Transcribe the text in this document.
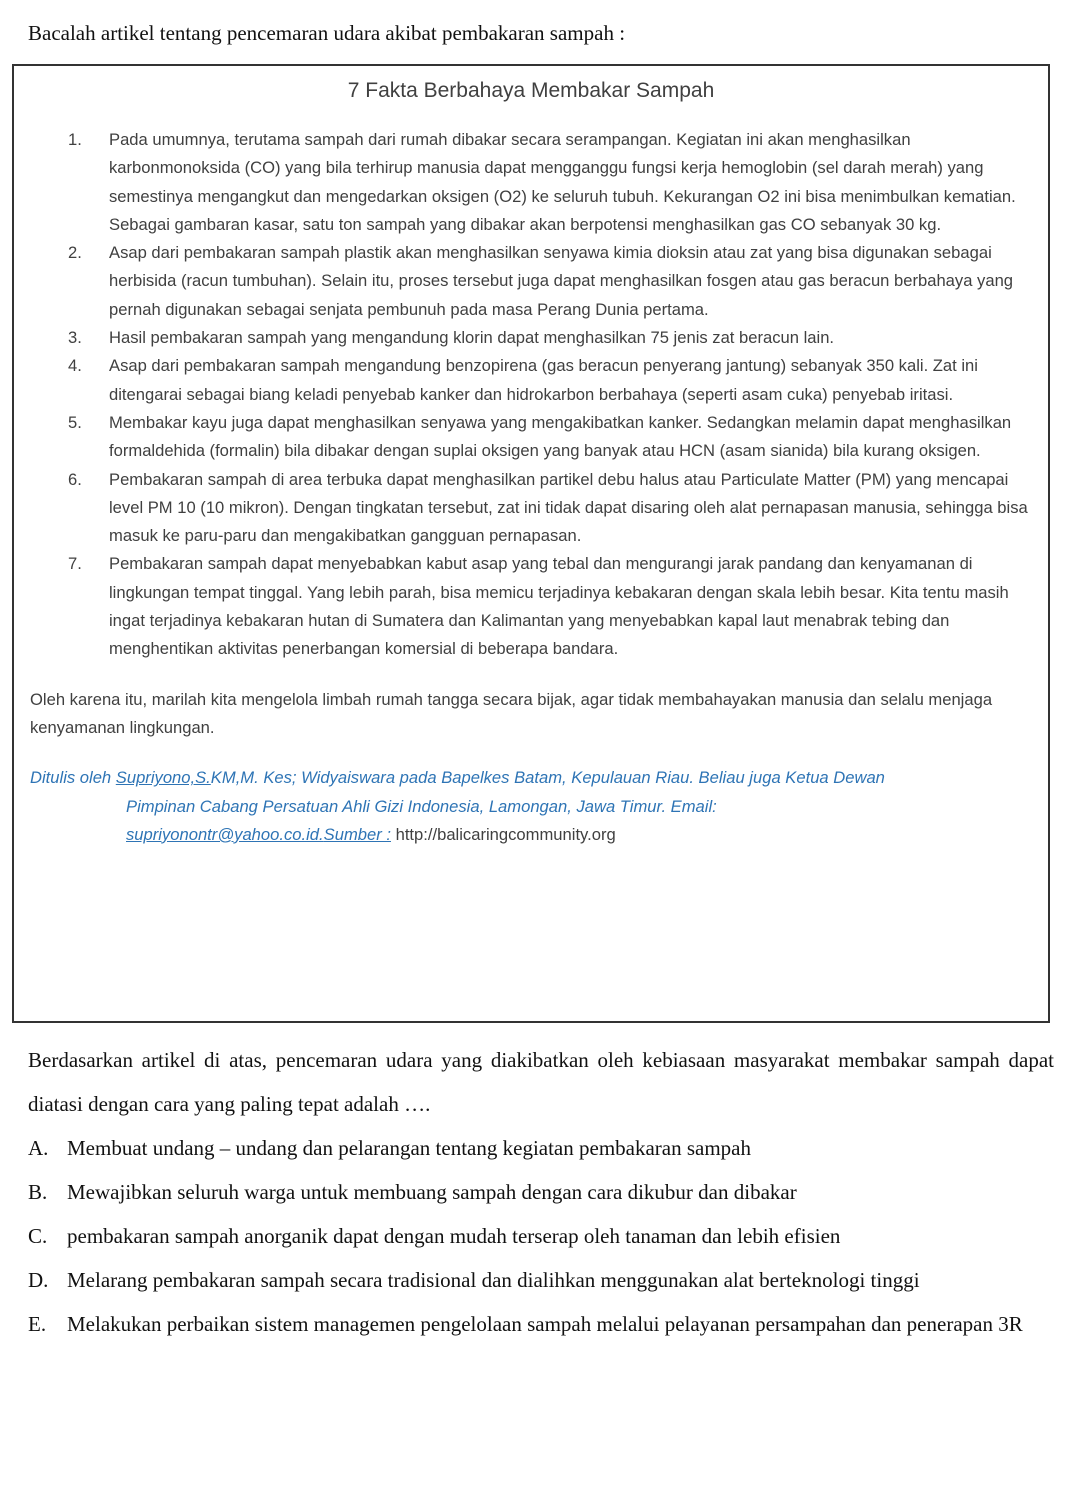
Bacalah artikel tentang pencemaran udara akibat pembakaran sampah :
7 Fakta Berbahaya Membakar Sampah
1. Pada umumnya, terutama sampah dari rumah dibakar secara serampangan. Kegiatan ini akan menghasilkan karbonmonoksida (CO) yang bila terhirup manusia dapat mengganggu fungsi kerja hemoglobin (sel darah merah) yang semestinya mengangkut dan mengedarkan oksigen (O2) ke seluruh tubuh. Kekurangan O2 ini bisa menimbulkan kematian. Sebagai gambaran kasar, satu ton sampah yang dibakar akan berpotensi menghasilkan gas CO sebanyak 30 kg.
2. Asap dari pembakaran sampah plastik akan menghasilkan senyawa kimia dioksin atau zat yang bisa digunakan sebagai herbisida (racun tumbuhan). Selain itu, proses tersebut juga dapat menghasilkan fosgen atau gas beracun berbahaya yang pernah digunakan sebagai senjata pembunuh pada masa Perang Dunia pertama.
3. Hasil pembakaran sampah yang mengandung klorin dapat menghasilkan 75 jenis zat beracun lain.
4. Asap dari pembakaran sampah mengandung benzopirena (gas beracun penyerang jantung) sebanyak 350 kali. Zat ini ditengarai sebagai biang keladi penyebab kanker dan hidrokarbon berbahaya (seperti asam cuka) penyebab iritasi.
5. Membakar kayu juga dapat menghasilkan senyawa yang mengakibatkan kanker. Sedangkan melamin dapat menghasilkan formaldehida (formalin) bila dibakar dengan suplai oksigen yang banyak atau HCN (asam sianida) bila kurang oksigen.
6. Pembakaran sampah di area terbuka dapat menghasilkan partikel debu halus atau Particulate Matter (PM) yang mencapai level PM 10 (10 mikron). Dengan tingkatan tersebut, zat ini tidak dapat disaring oleh alat pernapasan manusia, sehingga bisa masuk ke paru-paru dan mengakibatkan gangguan pernapasan.
7. Pembakaran sampah dapat menyebabkan kabut asap yang tebal dan mengurangi jarak pandang dan kenyamanan di lingkungan tempat tinggal. Yang lebih parah, bisa memicu terjadinya kebakaran dengan skala lebih besar. Kita tentu masih ingat terjadinya kebakaran hutan di Sumatera dan Kalimantan yang menyebabkan kapal laut menabrak tebing dan menghentikan aktivitas penerbangan komersial di beberapa bandara.
Oleh karena itu, marilah kita mengelola limbah rumah tangga secara bijak, agar tidak membahayakan manusia dan selalu menjaga kenyamanan lingkungan.
Ditulis oleh Supriyono,S.KM,M. Kes; Widyaiswara pada Bapelkes Batam, Kepulauan Riau. Beliau juga Ketua Dewan
Pimpinan Cabang Persatuan Ahli Gizi Indonesia, Lamongan, Jawa Timur. Email:
supriyonontr@yahoo.co.id.Sumber : http://balicaringcommunity.org

Berdasarkan artikel di atas, pencemaran udara yang diakibatkan oleh kebiasaan masyarakat membakar sampah dapat diatasi dengan cara yang paling tepat adalah ….

A. Membuat undang – undang dan pelarangan tentang kegiatan pembakaran sampah
B. Mewajibkan seluruh warga untuk membuang sampah dengan cara dikubur dan dibakar
C. pembakaran sampah anorganik dapat dengan mudah terserap oleh tanaman dan lebih efisien
D. Melarang pembakaran sampah secara tradisional dan dialihkan menggunakan alat berteknologi tinggi
E. Melakukan perbaikan sistem managemen pengelolaan sampah melalui pelayanan persampahan dan penerapan 3R
